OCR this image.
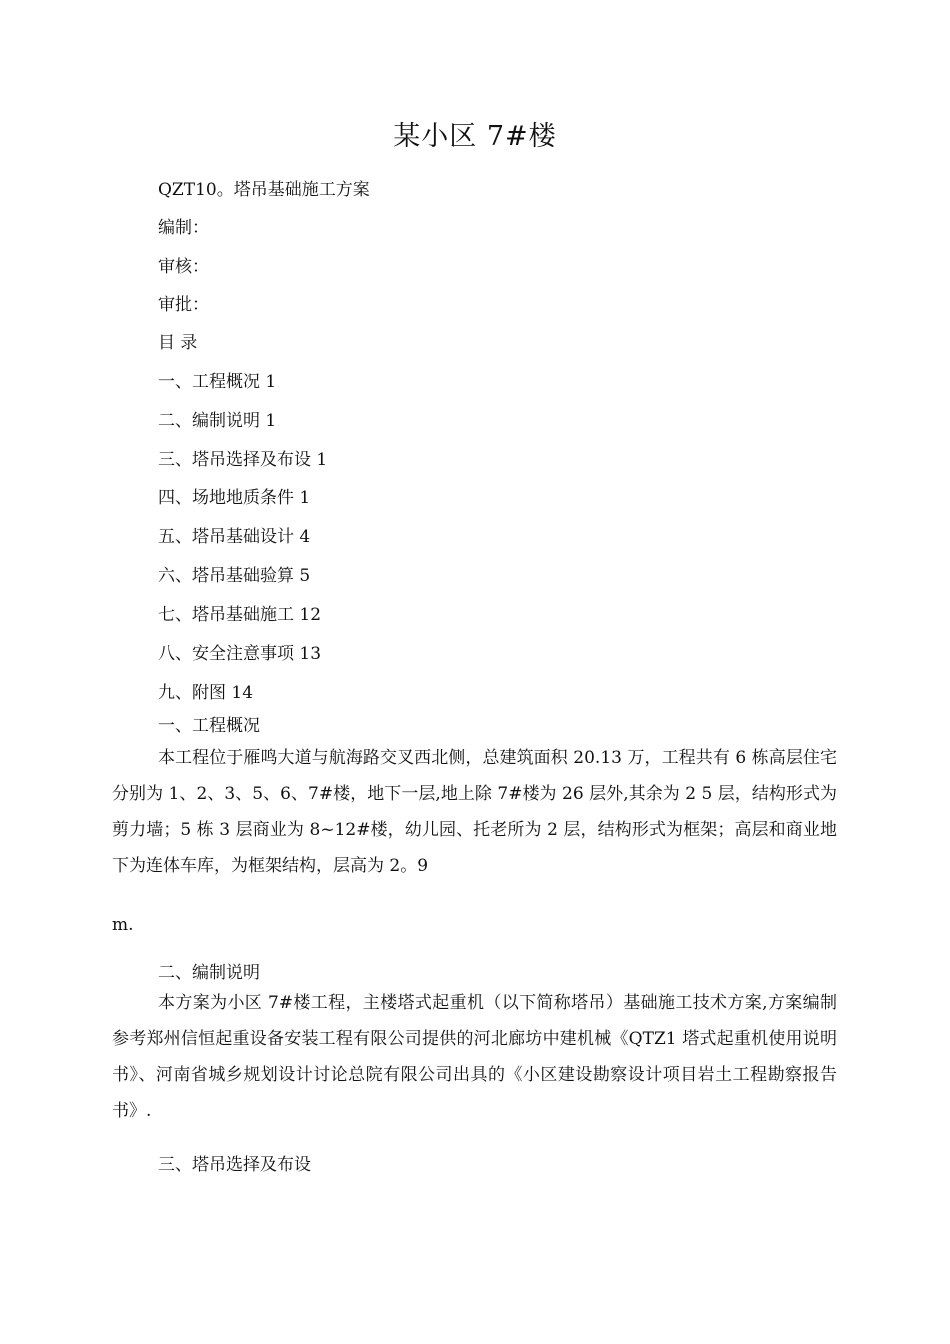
某小区 7#楼
QZT10。塔吊基础施工方案
编制：
审核：
审批：
目 录
一、工程概况 1
二、编制说明 1
三、塔吊选择及布设 1
四、场地地质条件 1
五、塔吊基础设计 4
六、塔吊基础验算 5
七、塔吊基础施工 12
八、安全注意事项 13
九、附图 14
一、工程概况

本工程位于雁鸣大道与航海路交叉西北侧，总建筑面积 20.13 万，工程共有 6 栋高层住宅分别为 1、2、3、5、6、7#楼，地下一层,地上除 7#楼为 26 层外,其余为 2 5 层，结构形式为剪力墙；5 栋 3 层商业为 8~12#楼，幼儿园、托老所为 2 层，结构形式为框架；高层和商业地下为连体车库，为框架结构，层高为 2。9

m.
二、编制说明

本方案为小区 7#楼工程，主楼塔式起重机（以下简称塔吊）基础施工技术方案,方案编制参考郑州信恒起重设备安装工程有限公司提供的河北廊坊中建机械《QTZ1 塔式起重机使用说明书》、河南省城乡规划设计讨论总院有限公司出具的《小区建设勘察设计项目岩土工程勘察报告书》.

三、塔吊选择及布设
